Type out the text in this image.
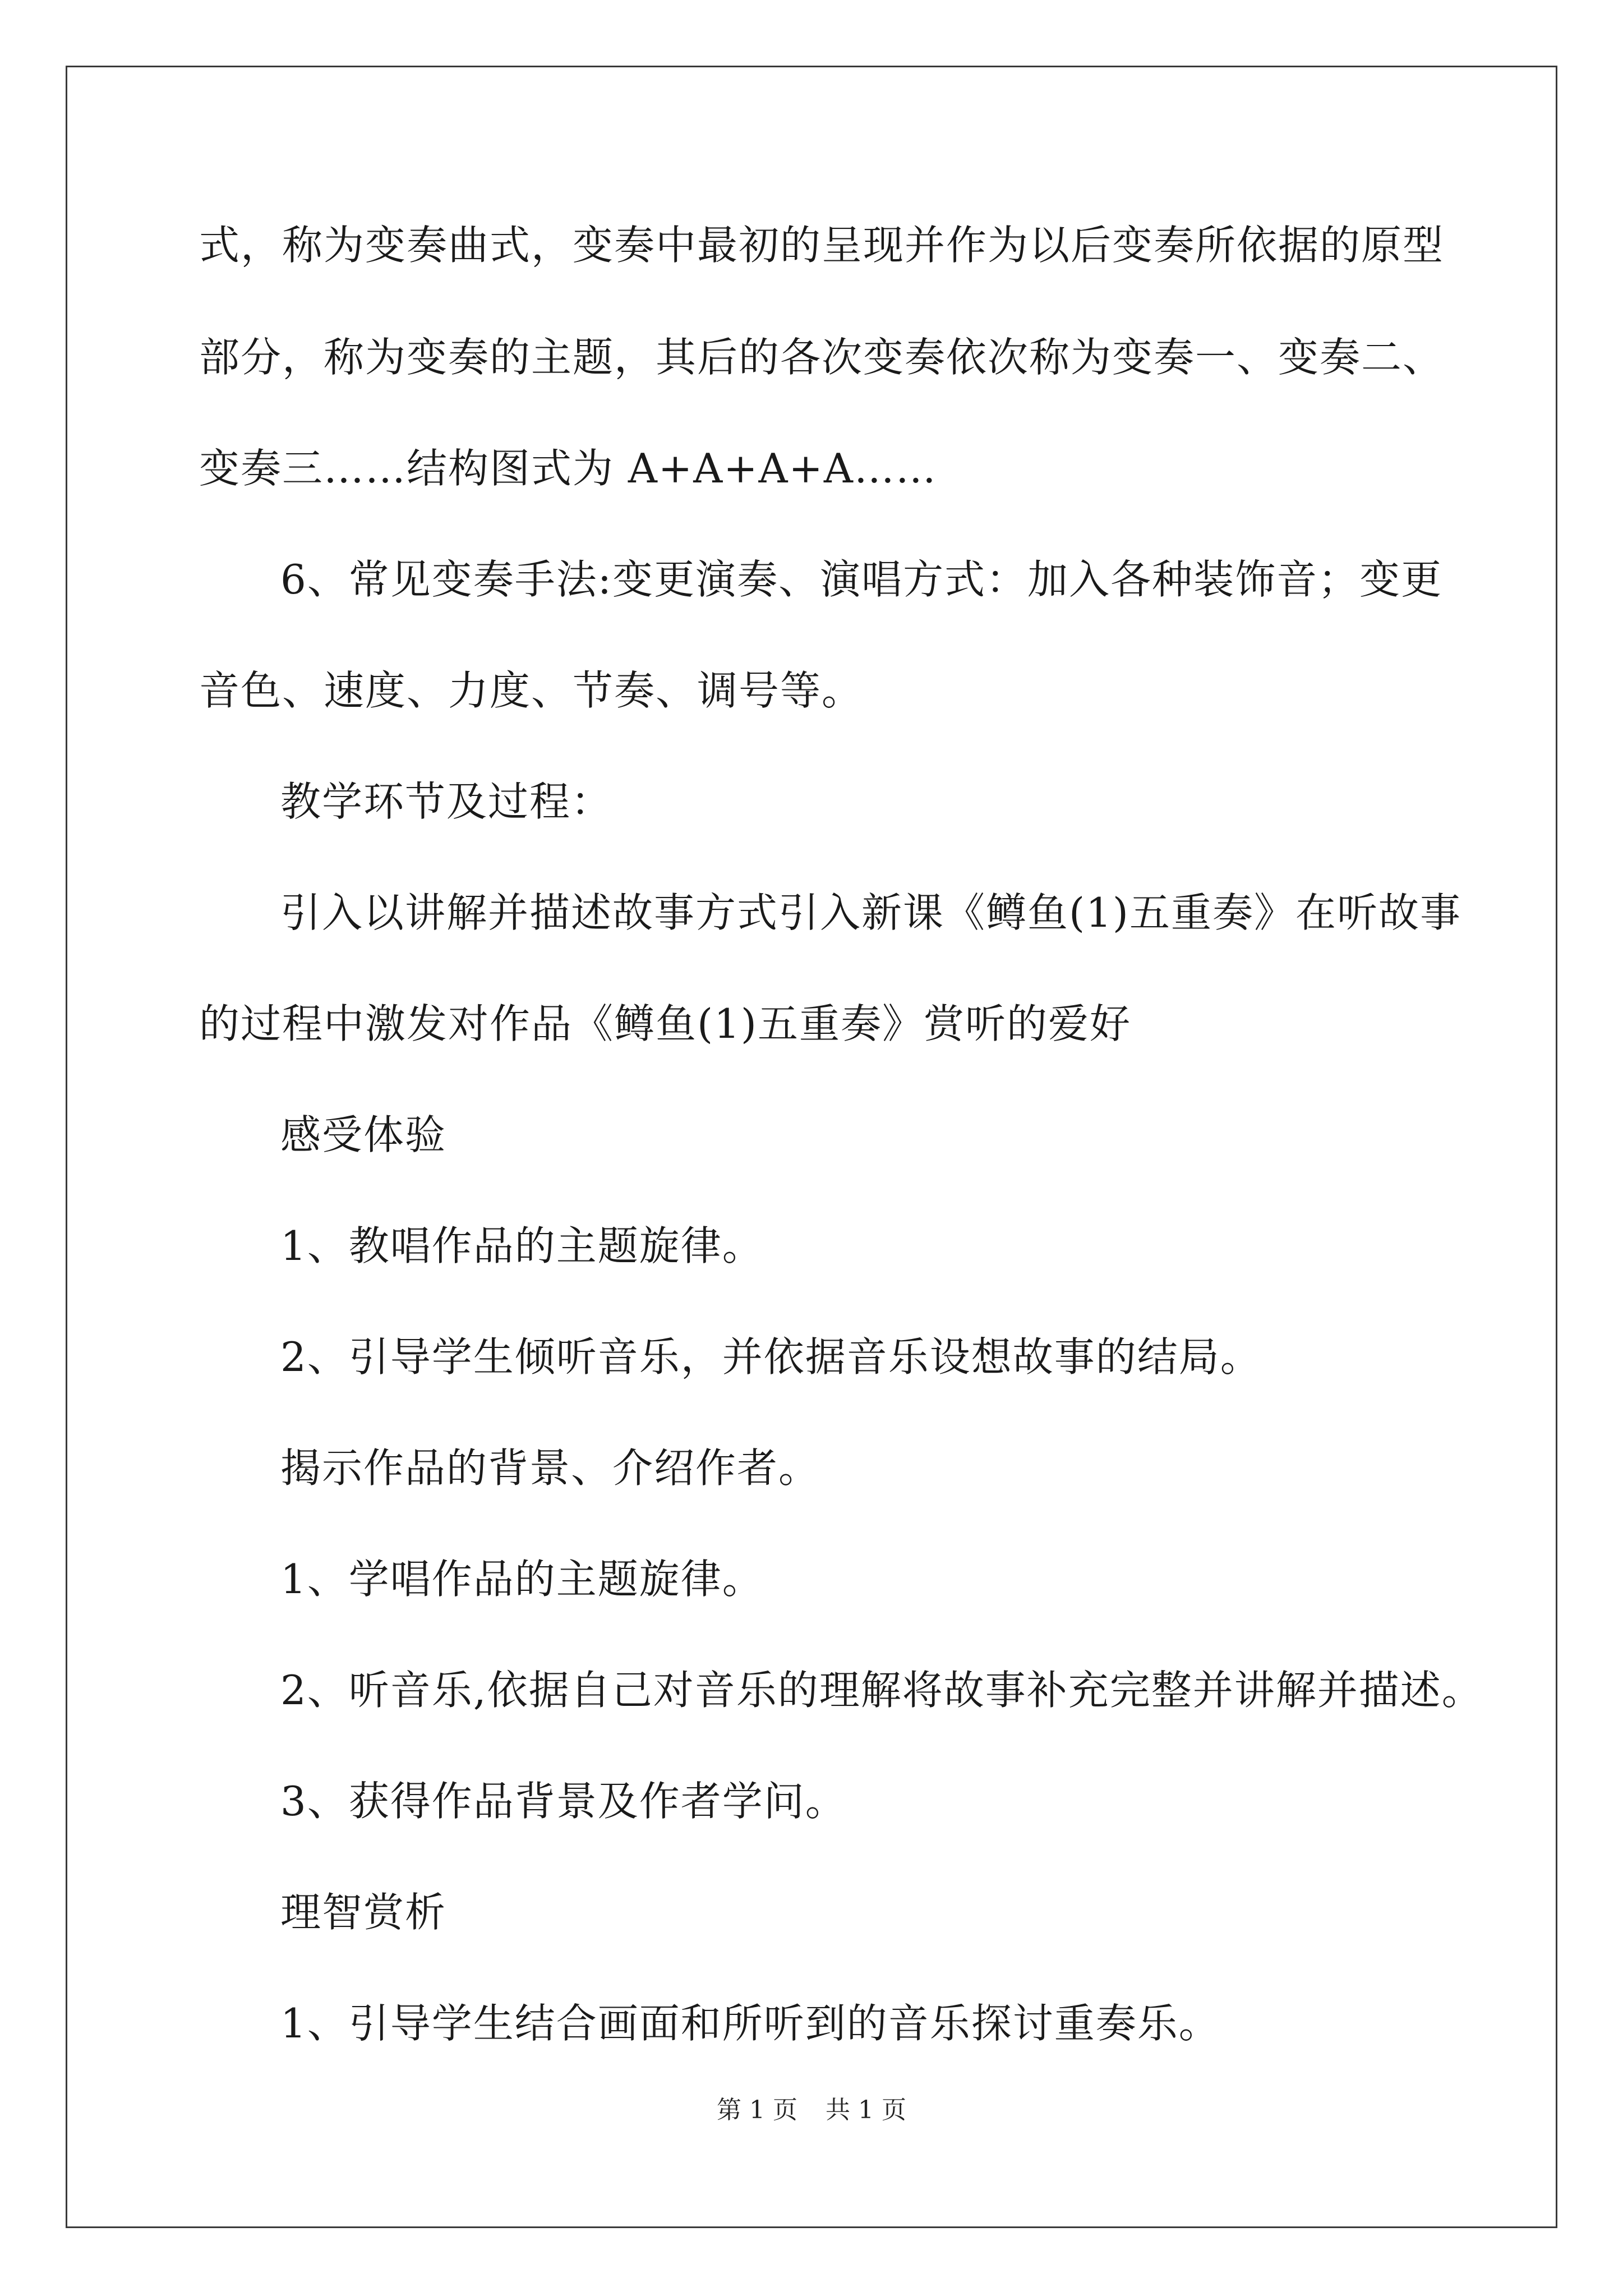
式，称为变奏曲式，变奏中最初的呈现并作为以后变奏所依据的原型
部分，称为变奏的主题，其后的各次变奏依次称为变奏一、变奏二、
变奏三……结构图式为 A+A+A+A……
6、常见变奏手法:变更演奏、演唱方式：加入各种装饰音；变更
音色、速度、力度、节奏、调号等。
教学环节及过程：
引入以讲解并描述故事方式引入新课《鳟鱼(1)五重奏》在听故事
的过程中激发对作品《鳟鱼(1)五重奏》赏听的爱好
感受体验
1、教唱作品的主题旋律。
2、引导学生倾听音乐，并依据音乐设想故事的结局。
揭示作品的背景、介绍作者。
1、学唱作品的主题旋律。
2、听音乐,依据自己对音乐的理解将故事补充完整并讲解并描述。
3、获得作品背景及作者学问。
理智赏析
1、引导学生结合画面和所听到的音乐探讨重奏乐。
第 1 页 共 1 页
